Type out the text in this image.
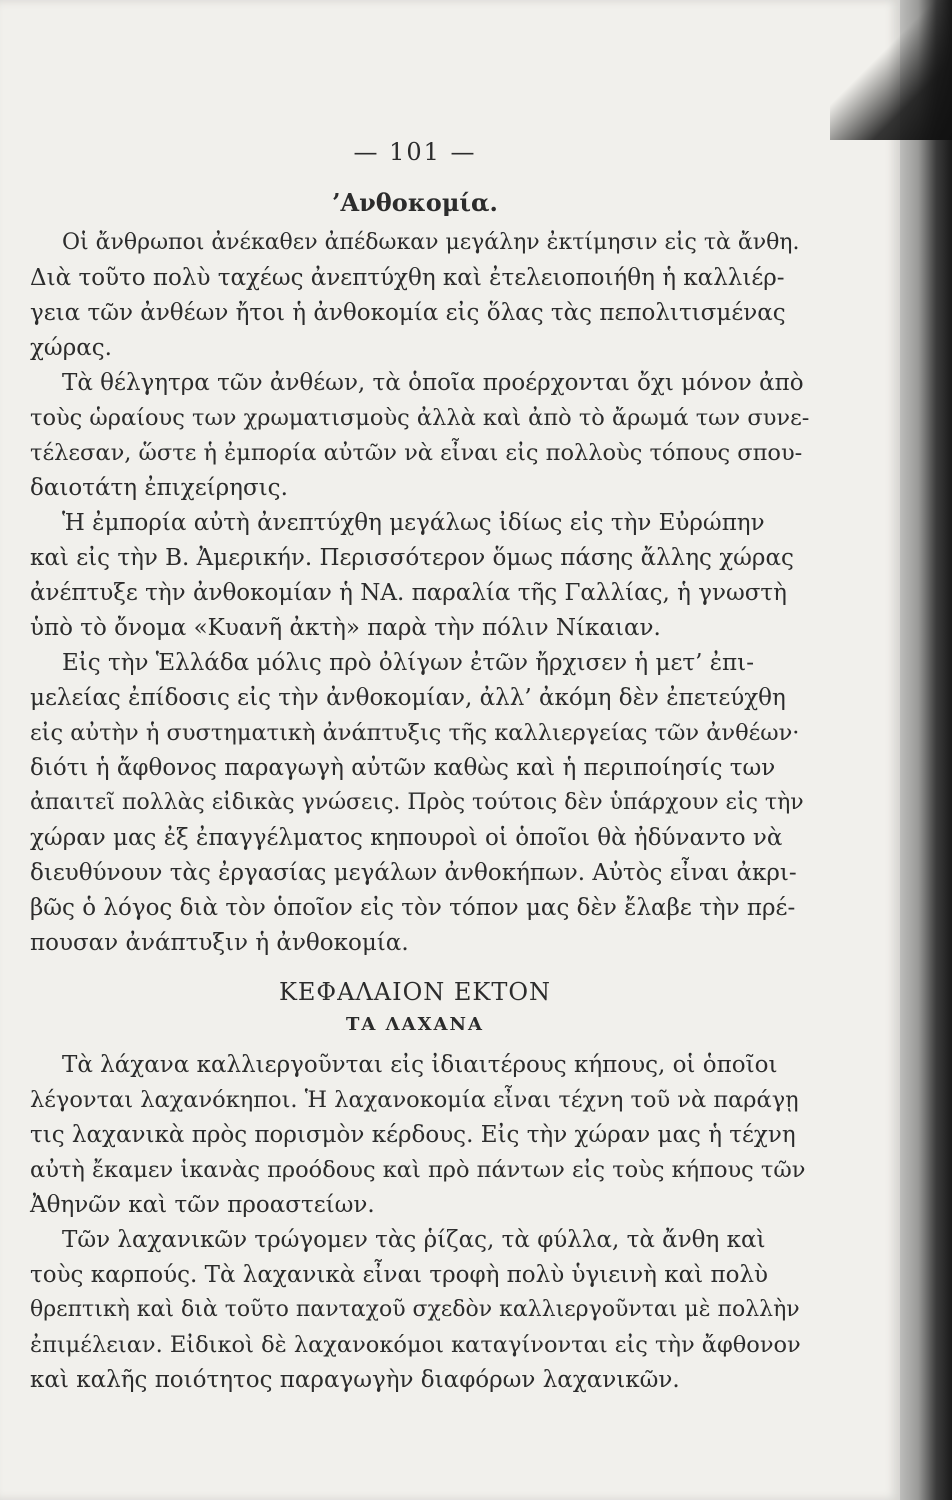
— 101 —
’Ανθοκομία.
Οἱ ἄνθρωποι ἀνέκαθεν ἀπέδωκαν μεγάλην ἐκτίμησιν εἰς τὰ ἄνθη.
Διὰ τοῦτο πολὺ ταχέως ἀνεπτύχθη καὶ ἐτελειοποιήθη ἡ καλλιέρ-
γεια τῶν ἀνθέων ἤτοι ἡ ἀνθοκομία εἰς ὅλας τὰς πεπολιτισμένας
χώρας.
Τὰ θέλγητρα τῶν ἀνθέων, τὰ ὁποῖα προέρχονται ὄχι μόνον ἀπὸ
τοὺς ὡραίους των χρωματισμοὺς ἀλλὰ καὶ ἀπὸ τὸ ἄρωμά των συνε-
τέλεσαν, ὥστε ἡ ἐμπορία αὐτῶν νὰ εἶναι εἰς πολλοὺς τόπους σπου-
δαιοτάτη ἐπιχείρησις.
Ἡ ἐμπορία αὐτὴ ἀνεπτύχθη μεγάλως ἰδίως εἰς τὴν Εὐρώπην
καὶ εἰς τὴν Β. Ἀμερικήν. Περισσότερον ὅμως πάσης ἄλλης χώρας
ἀνέπτυξε τὴν ἀνθοκομίαν ἡ ΝΑ. παραλία τῆς Γαλλίας, ἡ γνωστὴ
ὑπὸ τὸ ὄνομα «Κυανῆ ἀκτὴ» παρὰ τὴν πόλιν Νίκαιαν.
Εἰς τὴν Ἑλλάδα μόλις πρὸ ὀλίγων ἐτῶν ἤρχισεν ἡ μετ’ ἐπι-
μελείας ἐπίδοσις εἰς τὴν ἀνθοκομίαν, ἀλλ’ ἀκόμη δὲν ἐπετεύχθη
εἰς αὐτὴν ἡ συστηματικὴ ἀνάπτυξις τῆς καλλιεργείας τῶν ἀνθέων·
διότι ἡ ἄφθονος παραγωγὴ αὐτῶν καθὼς καὶ ἡ περιποίησίς των
ἀπαιτεῖ πολλὰς εἰδικὰς γνώσεις. Πρὸς τούτοις δὲν ὑπάρχουν εἰς τὴν
χώραν μας ἐξ ἐπαγγέλματος κηπουροὶ οἱ ὁποῖοι θὰ ἠδύναντο νὰ
διευθύνουν τὰς ἐργασίας μεγάλων ἀνθοκήπων. Αὐτὸς εἶναι ἀκρι-
βῶς ὁ λόγος διὰ τὸν ὁποῖον εἰς τὸν τόπον μας δὲν ἔλαβε τὴν πρέ-
πουσαν ἀνάπτυξιν ἡ ἀνθοκομία.
ΚΕΦΑΛΑΙΟΝ ΕΚΤΟΝ
ΤΑ ΛΑΧΑΝΑ
Τὰ λάχανα καλλιεργοῦνται εἰς ἰδιαιτέρους κήπους, οἱ ὁποῖοι
λέγονται λαχανόκηποι. Ἡ λαχανοκομία εἶναι τέχνη τοῦ νὰ παράγῃ
τις λαχανικὰ πρὸς πορισμὸν κέρδους. Εἰς τὴν χώραν μας ἡ τέχνη
αὐτὴ ἔκαμεν ἱκανὰς προόδους καὶ πρὸ πάντων εἰς τοὺς κήπους τῶν
Ἀθηνῶν καὶ τῶν προαστείων.
Τῶν λαχανικῶν τρώγομεν τὰς ῥίζας, τὰ φύλλα, τὰ ἄνθη καὶ
τοὺς καρπούς. Τὰ λαχανικὰ εἶναι τροφὴ πολὺ ὑγιεινὴ καὶ πολὺ
θρεπτικὴ καὶ διὰ τοῦτο πανταχοῦ σχεδὸν καλλιεργοῦνται μὲ πολλὴν
ἐπιμέλειαν. Εἰδικοὶ δὲ λαχανοκόμοι καταγίνονται εἰς τὴν ἄφθονον
καὶ καλῆς ποιότητος παραγωγὴν διαφόρων λαχανικῶν.
